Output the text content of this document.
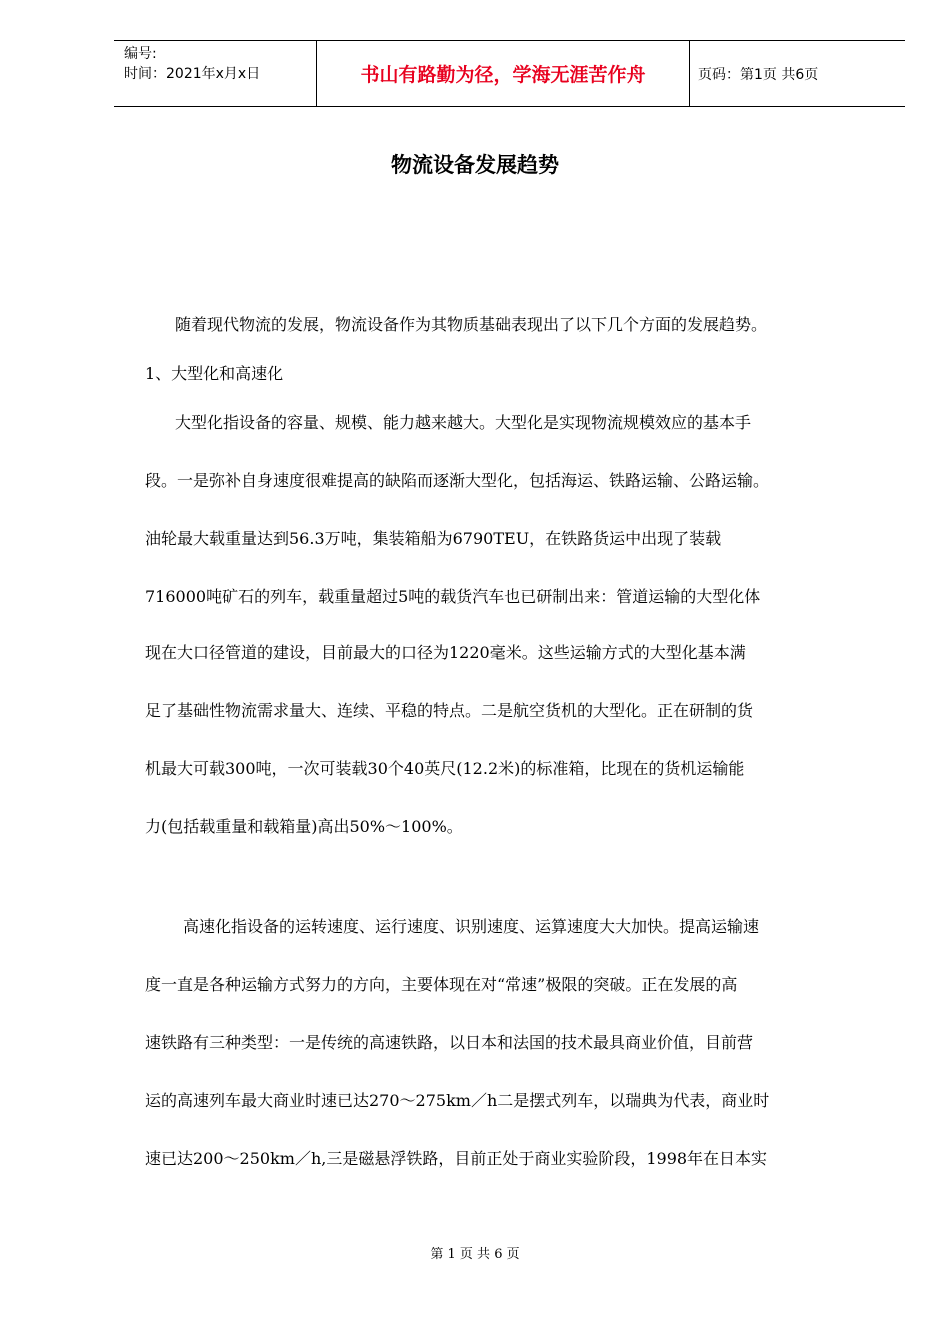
编号:
时间：2021年x月x日	书山有路勤为径，学海无涯苦作舟	页码：第1页 共6页
物流设备发展趋势
随着现代物流的发展，物流设备作为其物质基础表现出了以下几个方面的发展趋势。
1、大型化和高速化
大型化指设备的容量、规模、能力越来越大。大型化是实现物流规模效应的基本手
段。一是弥补自身速度很难提高的缺陷而逐渐大型化，包括海运、铁路运输、公路运输。
油轮最大载重量达到56.3万吨，集装箱船为6790TEU，在铁路货运中出现了装载
716000吨矿石的列车，载重量超过5吨的载货汽车也已研制出来：管道运输的大型化体
现在大口径管道的建设，目前最大的口径为1220毫米。这些运输方式的大型化基本满
足了基础性物流需求量大、连续、平稳的特点。二是航空货机的大型化。正在研制的货
机最大可载300吨，一次可装载30个40英尺(12.2米)的标准箱，比现在的货机运输能
力(包括载重量和载箱量)高出50%～100%。
高速化指设备的运转速度、运行速度、识别速度、运算速度大大加快。提高运输速
度一直是各种运输方式努力的方向，主要体现在对“常速”极限的突破。正在发展的高
速铁路有三种类型：一是传统的高速铁路，以日本和法国的技术最具商业价值，目前营
运的高速列车最大商业时速已达270～275km／h二是摆式列车，以瑞典为代表，商业时
速已达200～250km／h,三是磁悬浮铁路，目前正处于商业实验阶段，1998年在日本实
第 1 页 共 6 页
